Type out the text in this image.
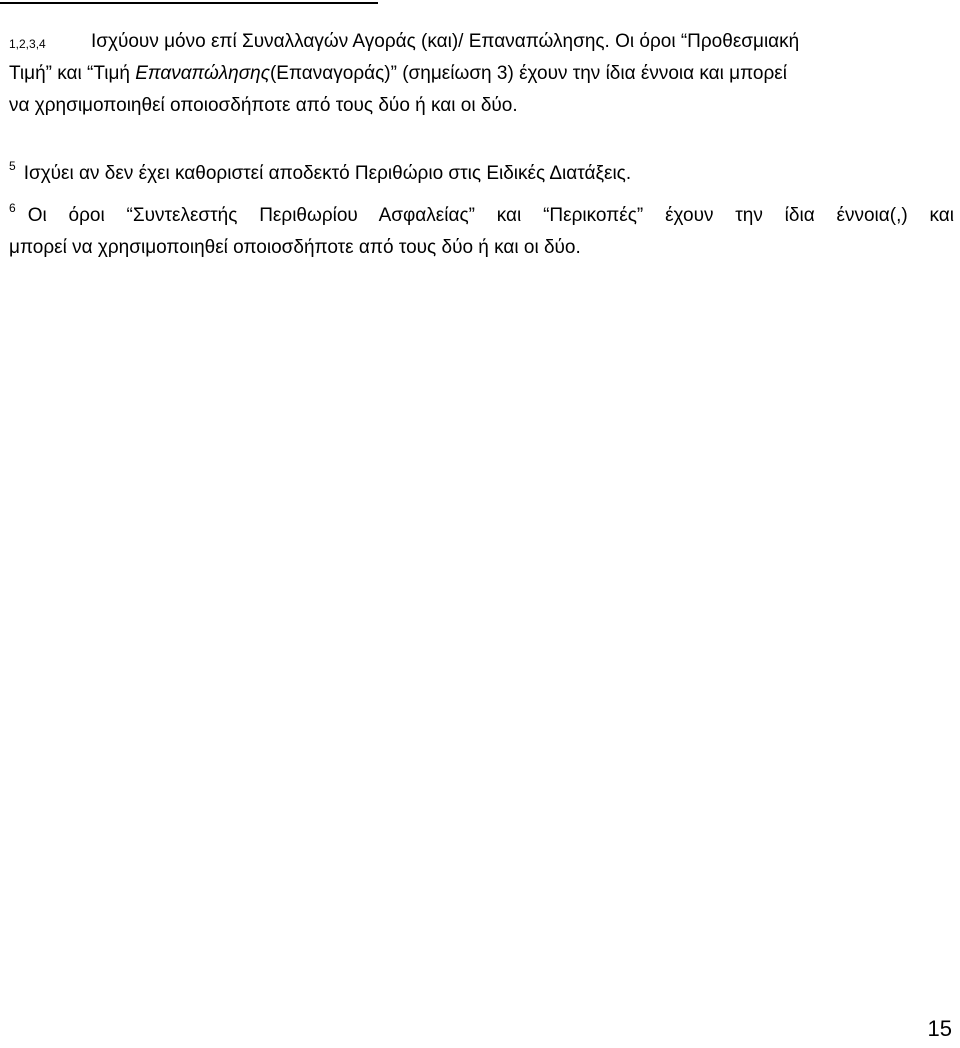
1,2,3,4	Ισχύουν μόνο επί Συναλλαγών Αγοράς (και)/ Επαναπώλησης. Οι όροι “Προθεσμιακή
Τιμή” και “Τιμή Επαναπώλησης(Επαναγοράς)” (σημείωση 3) έχουν την ίδια έννοια και μπορεί
να χρησιμοποιηθεί οποιοσδήποτε από τους δύο ή και οι δύο.
$^5$ Ισχύει αν δεν έχει καθοριστεί αποδεκτό Περιθώριο στις Ειδικές Διατάξεις.
$^6$ Οι όροι “Συντελεστής Περιθωρίου Ασφαλείας” και “Περικοπές” έχουν την ίδια έννοια(,) και
μπορεί να χρησιμοποιηθεί οποιοσδήποτε από τους δύο ή και οι δύο.
15
